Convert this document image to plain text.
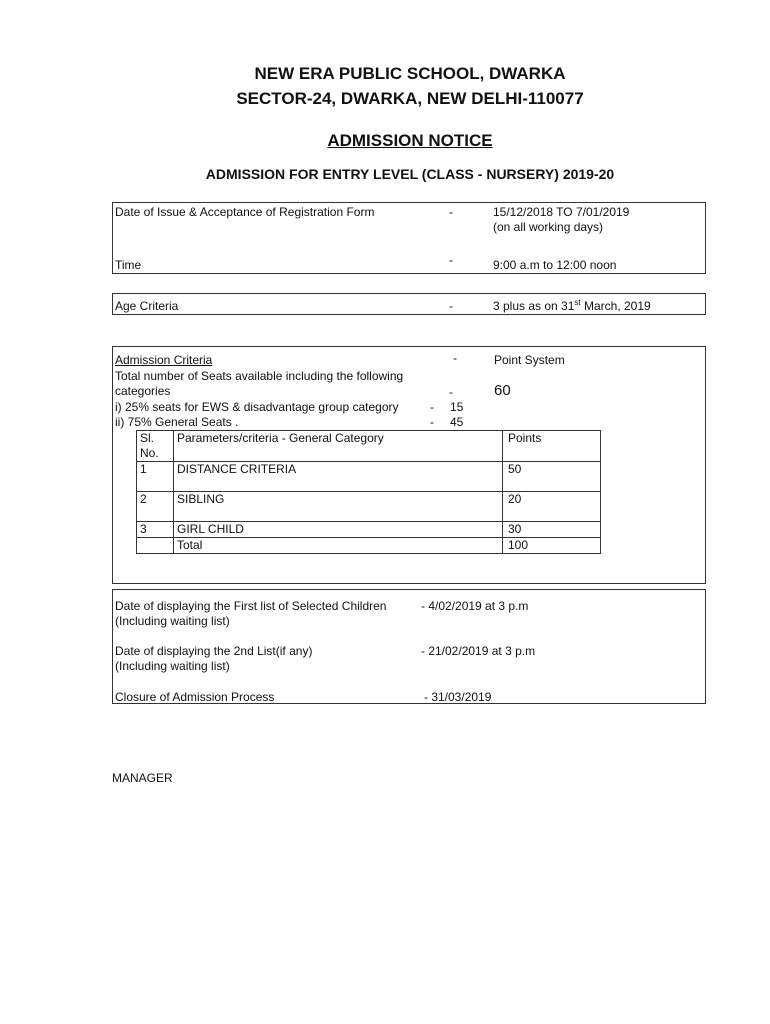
NEW ERA PUBLIC SCHOOL, DWARKA
SECTOR-24, DWARKA, NEW DELHI-110077
ADMISSION NOTICE
ADMISSION FOR ENTRY LEVEL (CLASS - NURSERY) 2019-20
Date of Issue & Acceptance of Registration Form	-	15/12/2018 TO 7/01/2019
(on all working days)
Time	-	9:00 a.m to 12:00 noon
Age Criteria	-	3 plus as on 31st March, 2019
Admission Criteria	-	Point System
Total number of Seats available including the following
categories	-	60
i) 25% seats for EWS & disadvantage group category	- 15
ii) 75% General Seats .	- 45
Sl. No.	Parameters/criteria - General Category	Points
1	DISTANCE CRITERIA	50
2	SIBLING	20
3	GIRL CHILD	30
	Total	100
Date of displaying the First list of Selected Children
(Including waiting list)
- 4/02/2019 at 3 p.m
Date of displaying the 2nd List(if any)
(Including waiting list)
- 21/02/2019 at 3 p.m
Closure of Admission Process	- 31/03/2019
MANAGER
